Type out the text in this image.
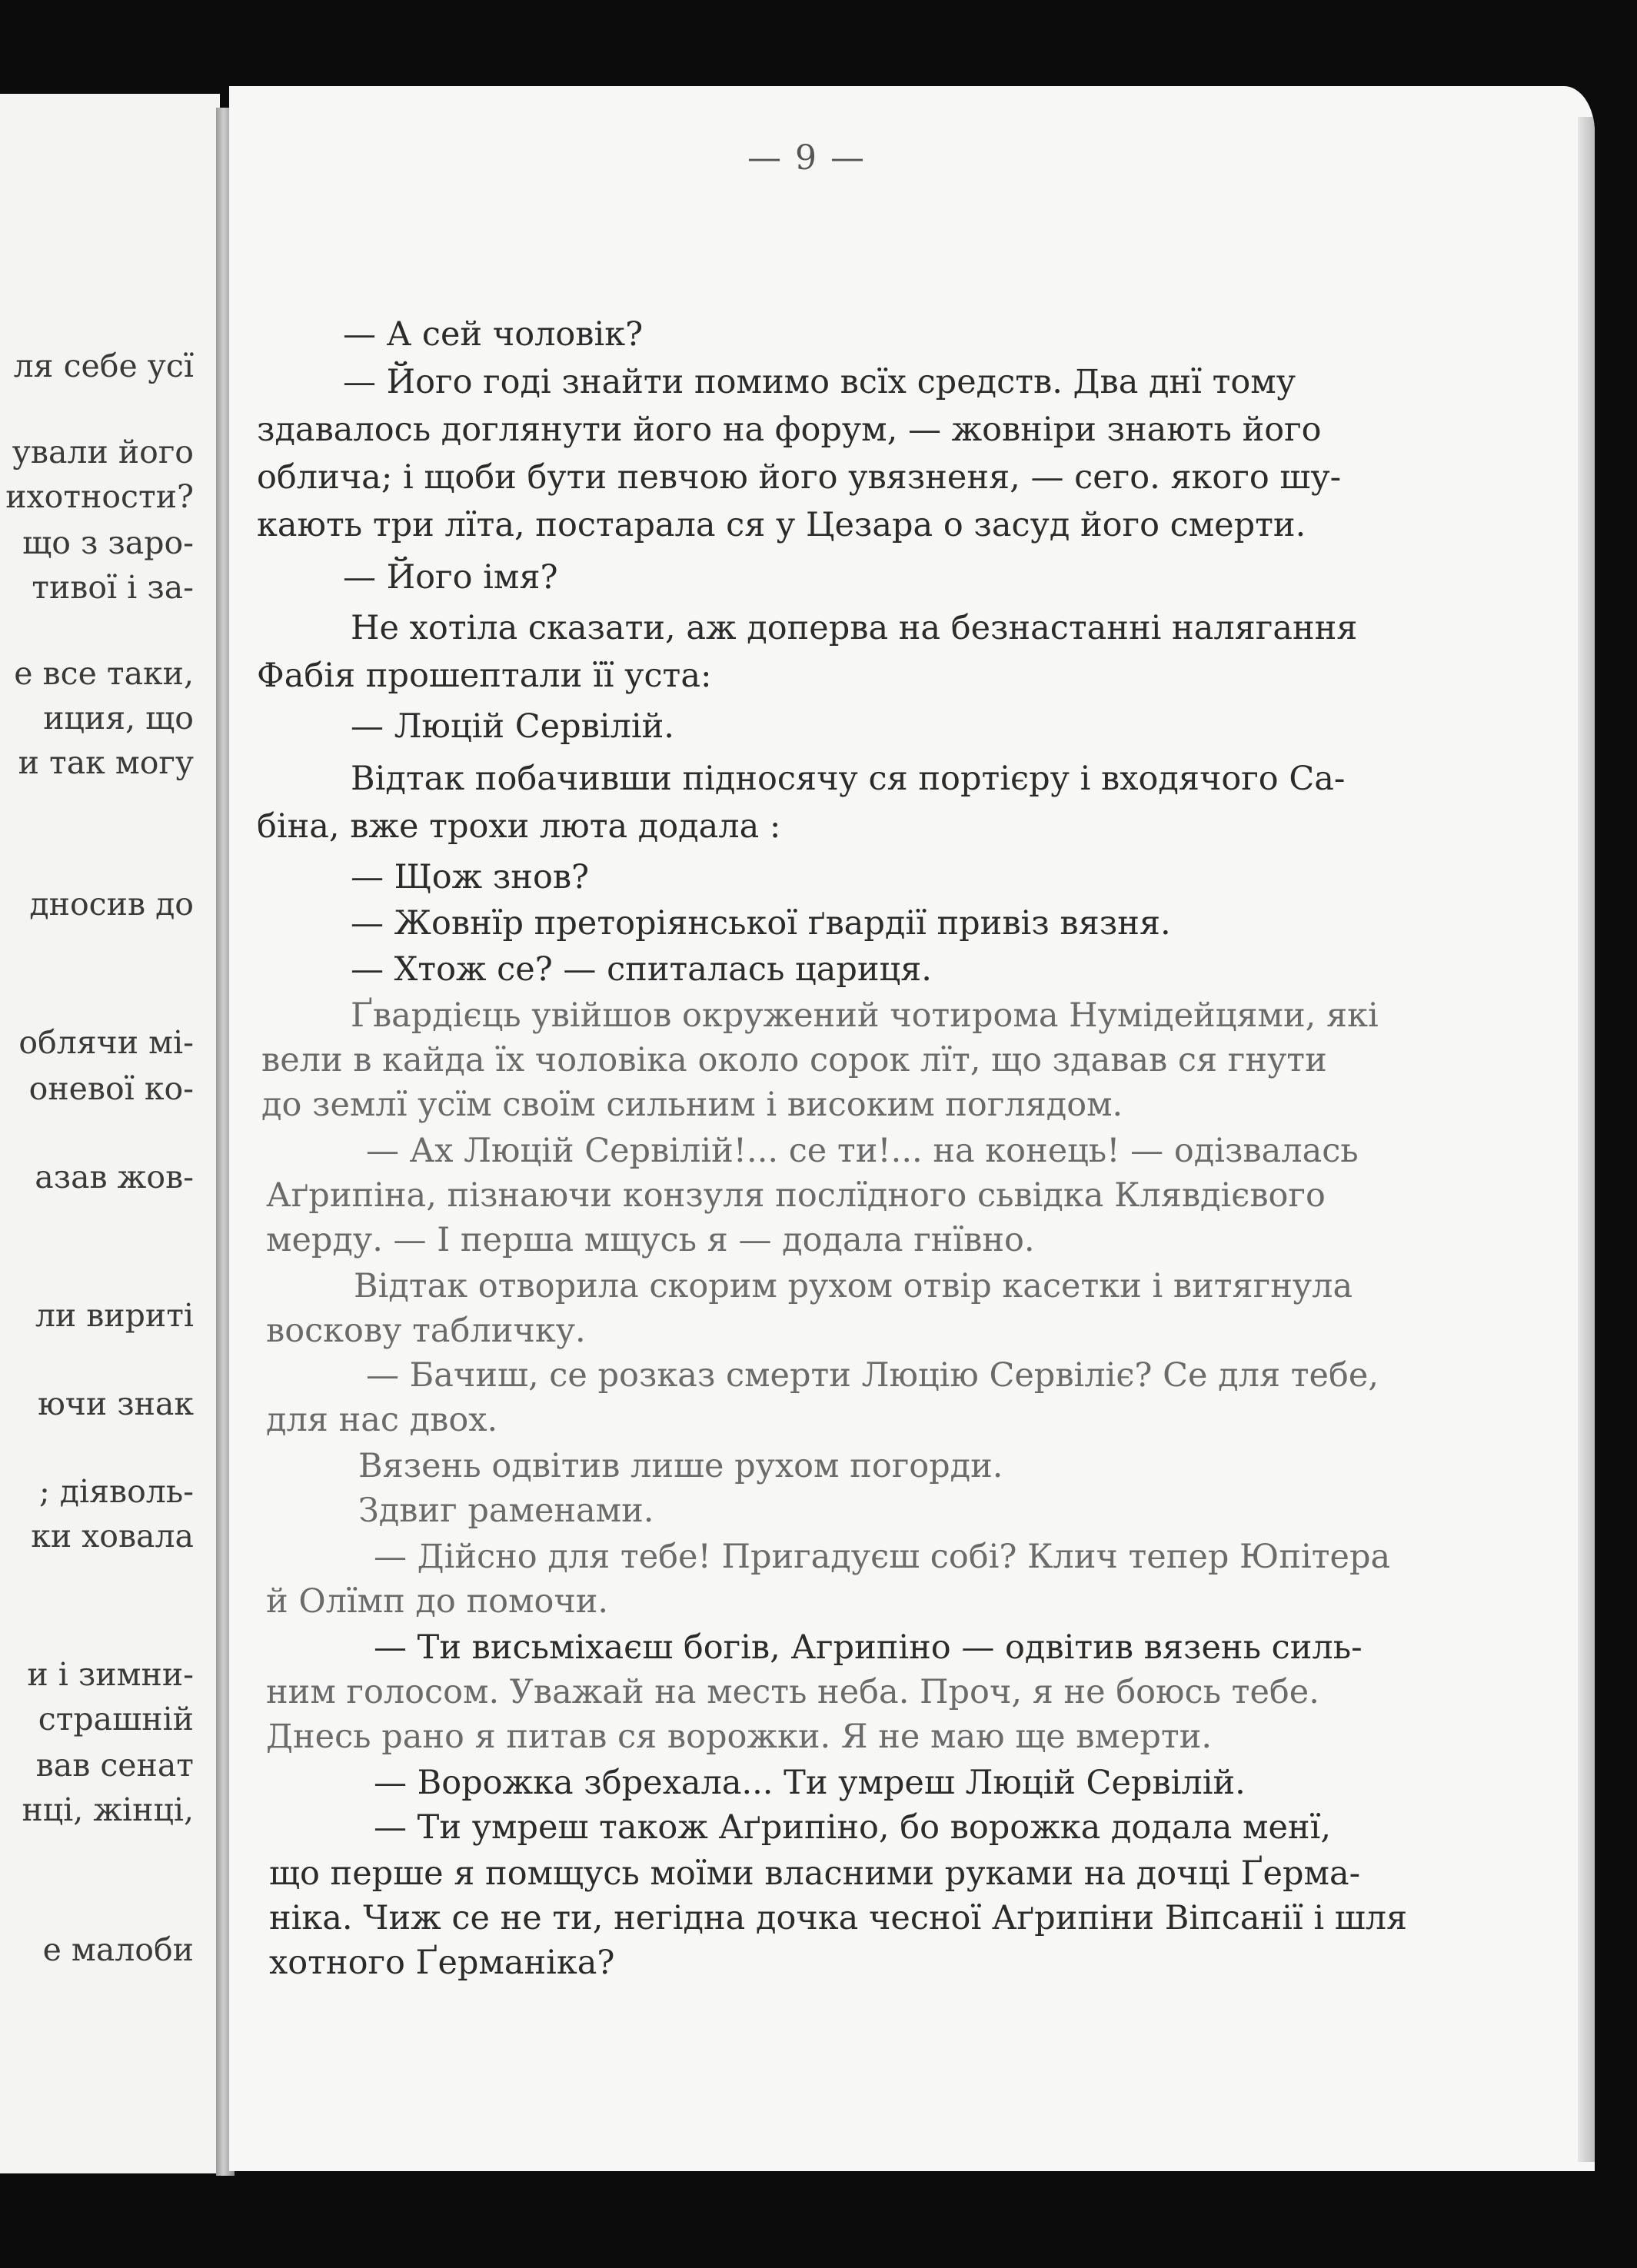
ля себе усї
ували його
ихотности?
що з заро-
тивої і за-
е все таки,
иция, що
и так могу
дносив до
облячи мі-
оневої ко-
азав жов-
ли вириті
ючи знак
; діяволь-
ки ховала
и і зимни-
страшній
вав сенат
нці, жінці,
е малоби
— 9 —
— А сей чоловік?
— Його годі знайти помимо всїх средств. Два днї тому
здавалось доглянути його на форум, — жовніри знають його
облича; і щоби бути певчою його увязненя, — сего. якого шу-
кають три лїта, постарала ся у Цезара о засуд його смерти.
— Його імя?
Не хотіла сказати, аж доперва на безнастанні налягання
Фабія прошептали її уста:
— Люцій Сервілій.
Відтак побачивши підносячу ся портієру і входячого Са-
біна, вже трохи люта додала :
— Щож знов?
— Жовнїр преторіянської ґвардії привіз вязня.
— Хтож се? — спиталась цариця.
Ґвардієць увійшов окружений чотирома Нумідейцями, які
вели в кайда їх чоловіка около сорок лїт, що здавав ся гнути
до землї усїм своїм сильним і високим поглядом.
— Ах Люцій Сервілій!... се ти!... на конець! — одізвалась
Аґрипіна, пізнаючи конзуля послїдного сьвідка Клявдієвого
мерду. — І перша мщусь я — додала гнївно.
Відтак отворила скорим рухом отвір касетки і витягнула
воскову табличку.
— Бачиш, се розказ смерти Люцію Сервіліє? Се для тебе,
для нас двох.
Вязень одвітив лише рухом погорди.
Здвиг раменами.
— Дійсно для тебе! Пригадуєш собі? Клич тепер Юпітера
й Олїмп до помочи.
— Ти висьміхаєш богів, Агрипіно — одвітив вязень силь-
ним голосом. Уважай на месть неба. Проч, я не боюсь тебе.
Днесь рано я питав ся ворожки. Я не маю ще вмерти.
— Ворожка збрехала... Ти умреш Люцій Сервілій.
— Ти умреш також Аґрипіно, бо ворожка додала менї,
що перше я помщусь моїми власними руками на дочці Ґерма-
ніка. Чиж се не ти, негідна дочка чесної Аґрипіни Віпсанії і шля
хотного Ґерманіка?
